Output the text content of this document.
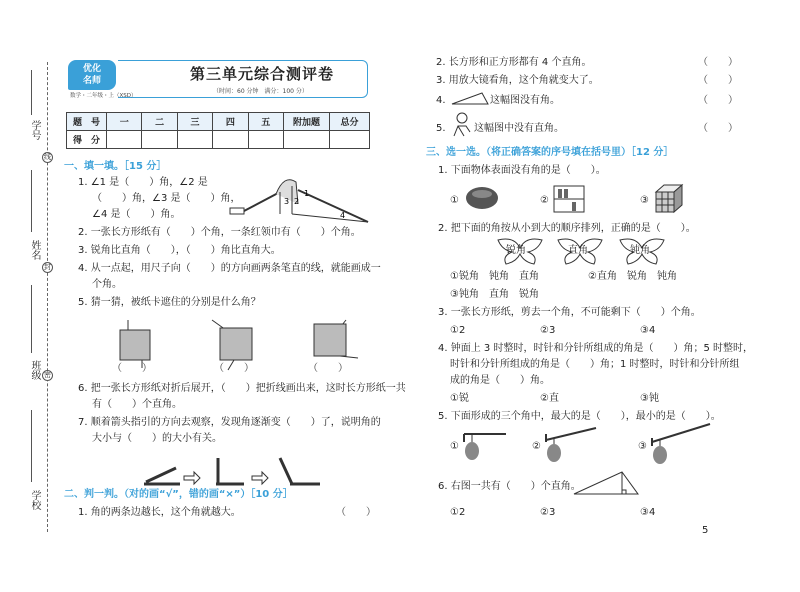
学号
姓名
班级
学校
线
封
密
优化
名师	第三单元综合测评卷
（时间：60 分钟　满分：100 分）
数学・二年级・上（XSD）
题　号	一	二	三	四	五	附加题	总分
得　分							
一、填一填。［15 分］
1. ∠1 是（　　）角，∠2 是
（　　）角，∠3 是（　　）角，
∠4 是（　　）角。
3 2
4
1
2. 一张长方形纸有（　　）个角，一条红领巾有（　　）个角。
3. 锐角比直角（　　），（　　）角比直角大。
4. 从一点起，用尺子向（　　）的方向画两条笔直的线，就能画成一
个角。
5. 猜一猜，被纸卡遮住的分别是什么角？
（　　）	（　　）	（　　）
6. 把一张长方形纸对折后展开，（　　）把折线画出来，这时长方形纸一共
有（　　）个直角。
7. 顺着箭头指引的方向去观察，发现角逐渐变（　　）了，说明角的
大小与（　　）的大小有关。
二、判一判。（对的画“√”，错的画“×”）［10 分］
1. 角的两条边越长，这个角就越大。	（　　）
2. 长方形和正方形都有 4 个直角。	（　　）
3. 用放大镜看角，这个角就变大了。	（　　）
4.	这幅图没有角。	（　　）
5.	这幅图中没有直角。	（　　）
三、选一选。（将正确答案的序号填在括号里）［12 分］
1. 下面物体表面没有角的是（　　）。
①	②	③
2. 把下面的角按从小到大的顺序排列，正确的是（　　）。
锐角	直角	钝角
①锐角　钝角　直角	②直角　锐角　钝角
③钝角　直角　锐角
3. 一张长方形纸，剪去一个角，不可能剩下（　　）个角。
①2	②3	③4
4. 钟面上 3 时整时，时针和分针所组成的角是（　　）角；5 时整时，
时针和分针所组成的角是（　　）角；1 时整时，时针和分针所组
成的角是（　　）角。
①锐	②直	③钝
5. 下面形成的三个角中，最大的是（　　），最小的是（　　）。
①	②	③
6. 右图一共有（　　）个直角。
①2	②3	③4
5
